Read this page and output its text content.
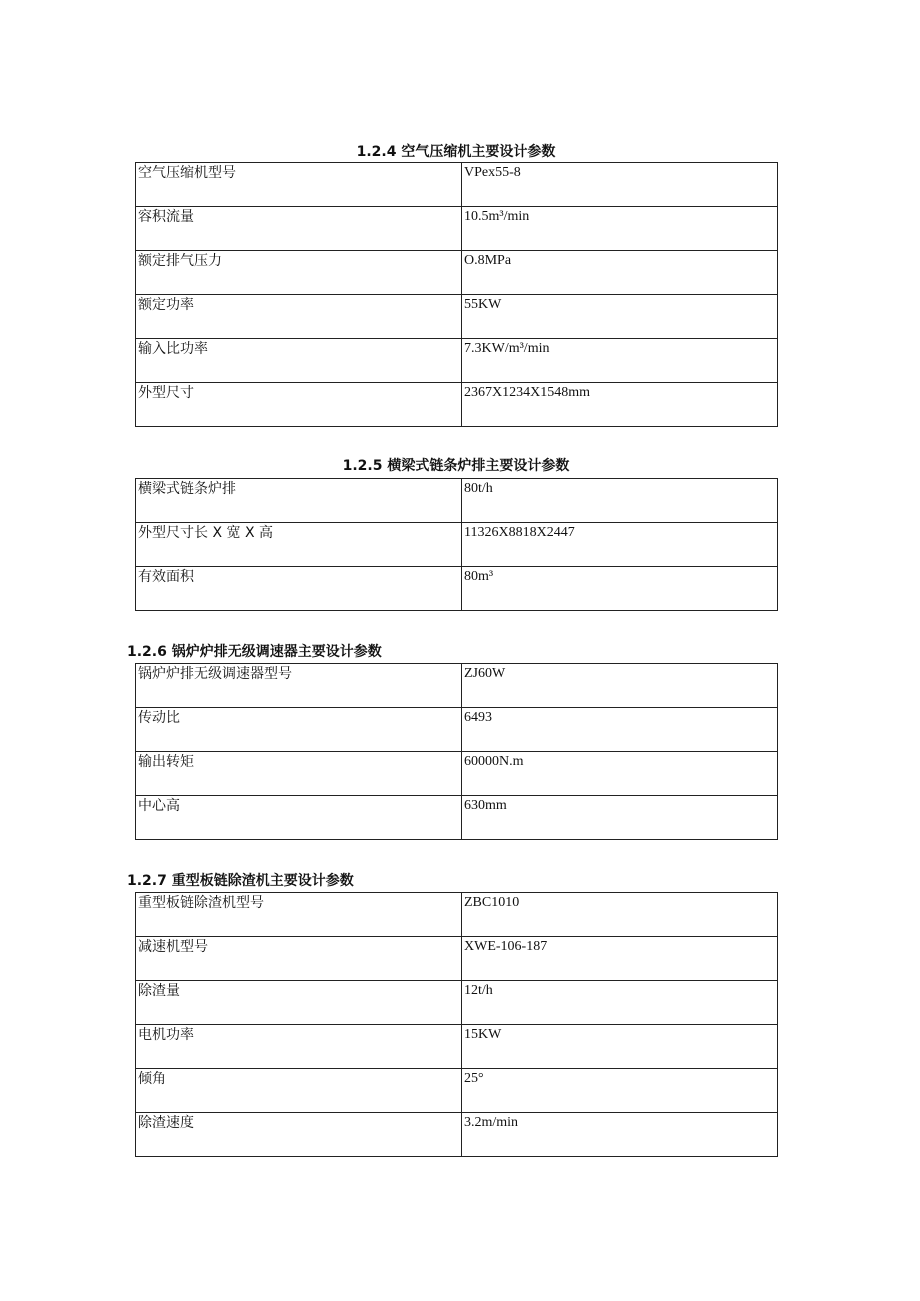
1.2.4 空气压缩机主要设计参数
空气压缩机型号	VPex55-8
容积流量	10.5m³/min
额定排气压力	O.8MPa
额定功率	55KW
输入比功率	7.3KW/m³/min
外型尺寸	2367X1234X1548mm
1.2.5 横梁式链条炉排主要设计参数
横梁式链条炉排	80t/h
外型尺寸长 X 宽 X 高	11326X8818X2447
有效面积	80m³
1.2.6 锅炉炉排无级调速器主要设计参数
锅炉炉排无级调速器型号	ZJ60W
传动比	6493
输出转矩	60000N.m
中心高	630mm
1.2.7 重型板链除渣机主要设计参数
重型板链除渣机型号	ZBC1010
减速机型号	XWE-106-187
除渣量	12t/h
电机功率	15KW
倾角	25°
除渣速度	3.2m/min
